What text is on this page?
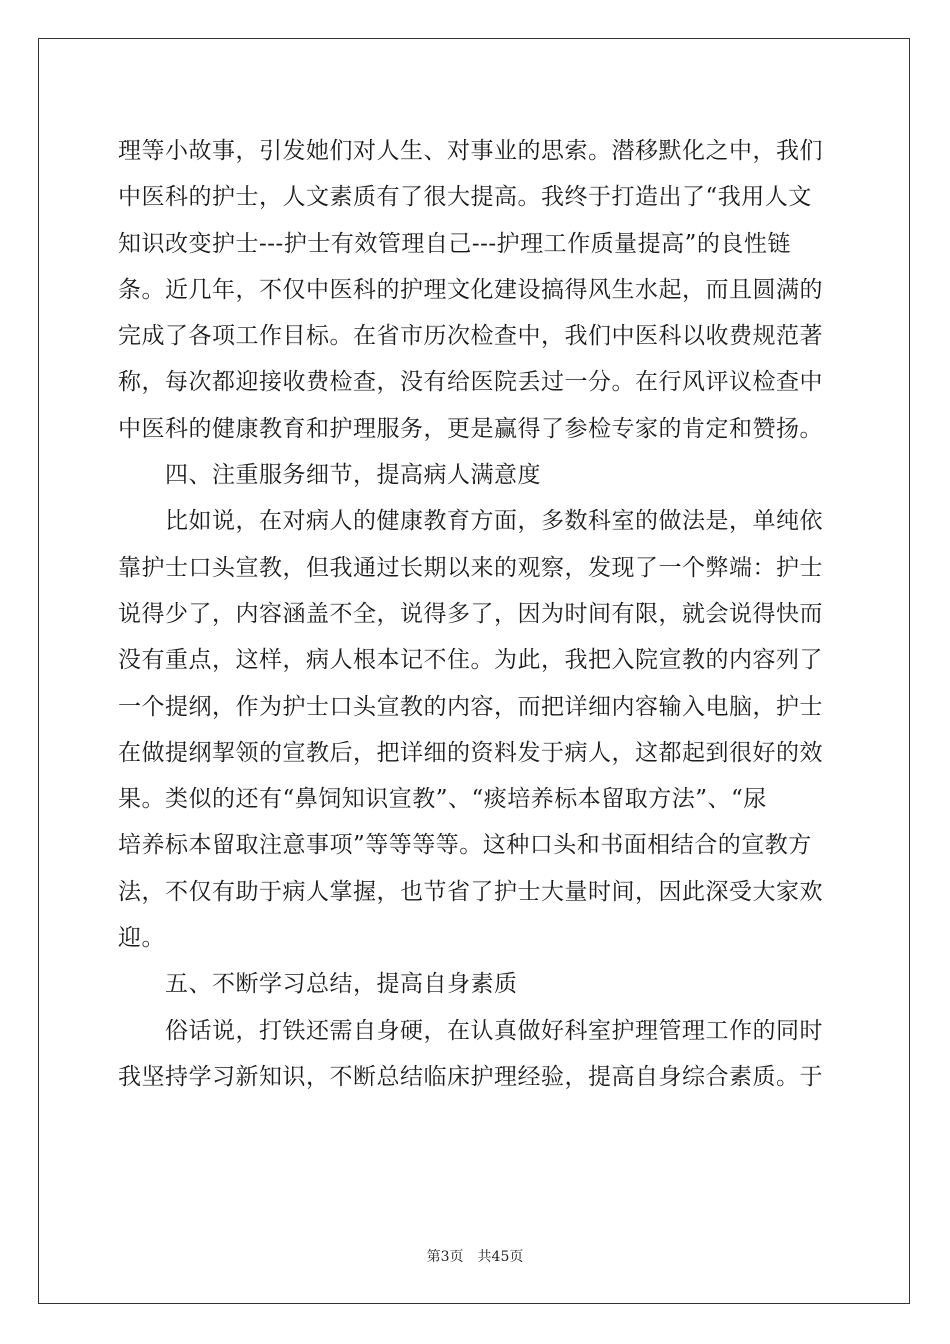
理等小故事，引发她们对人生、对事业的思索。潜移默化之中，我们
中医科的护士，人文素质有了很大提高。我终于打造出了“我用人文
知识改变护士---护士有效管理自己---护理工作质量提高”的良性链
条。近几年，不仅中医科的护理文化建设搞得风生水起，而且圆满的
完成了各项工作目标。在省市历次检查中，我们中医科以收费规范著
称，每次都迎接收费检查，没有给医院丢过一分。在行风评议检查中
中医科的健康教育和护理服务，更是赢得了参检专家的肯定和赞扬。
　　四、注重服务细节，提高病人满意度
　　比如说，在对病人的健康教育方面，多数科室的做法是，单纯依
靠护士口头宣教，但我通过长期以来的观察，发现了一个弊端：护士
说得少了，内容涵盖不全，说得多了，因为时间有限，就会说得快而
没有重点，这样，病人根本记不住。为此，我把入院宣教的内容列了
一个提纲，作为护士口头宣教的内容，而把详细内容输入电脑，护士
在做提纲挈领的宣教后，把详细的资料发于病人，这都起到很好的效
果。类似的还有“鼻饲知识宣教”、“痰培养标本留取方法”、“尿
培养标本留取注意事项”等等等等。这种口头和书面相结合的宣教方
法，不仅有助于病人掌握，也节省了护士大量时间，因此深受大家欢
迎。
　　五、不断学习总结，提高自身素质
　　俗话说，打铁还需自身硬，在认真做好科室护理管理工作的同时
我坚持学习新知识，不断总结临床护理经验，提高自身综合素质。于
第3页 共45页
